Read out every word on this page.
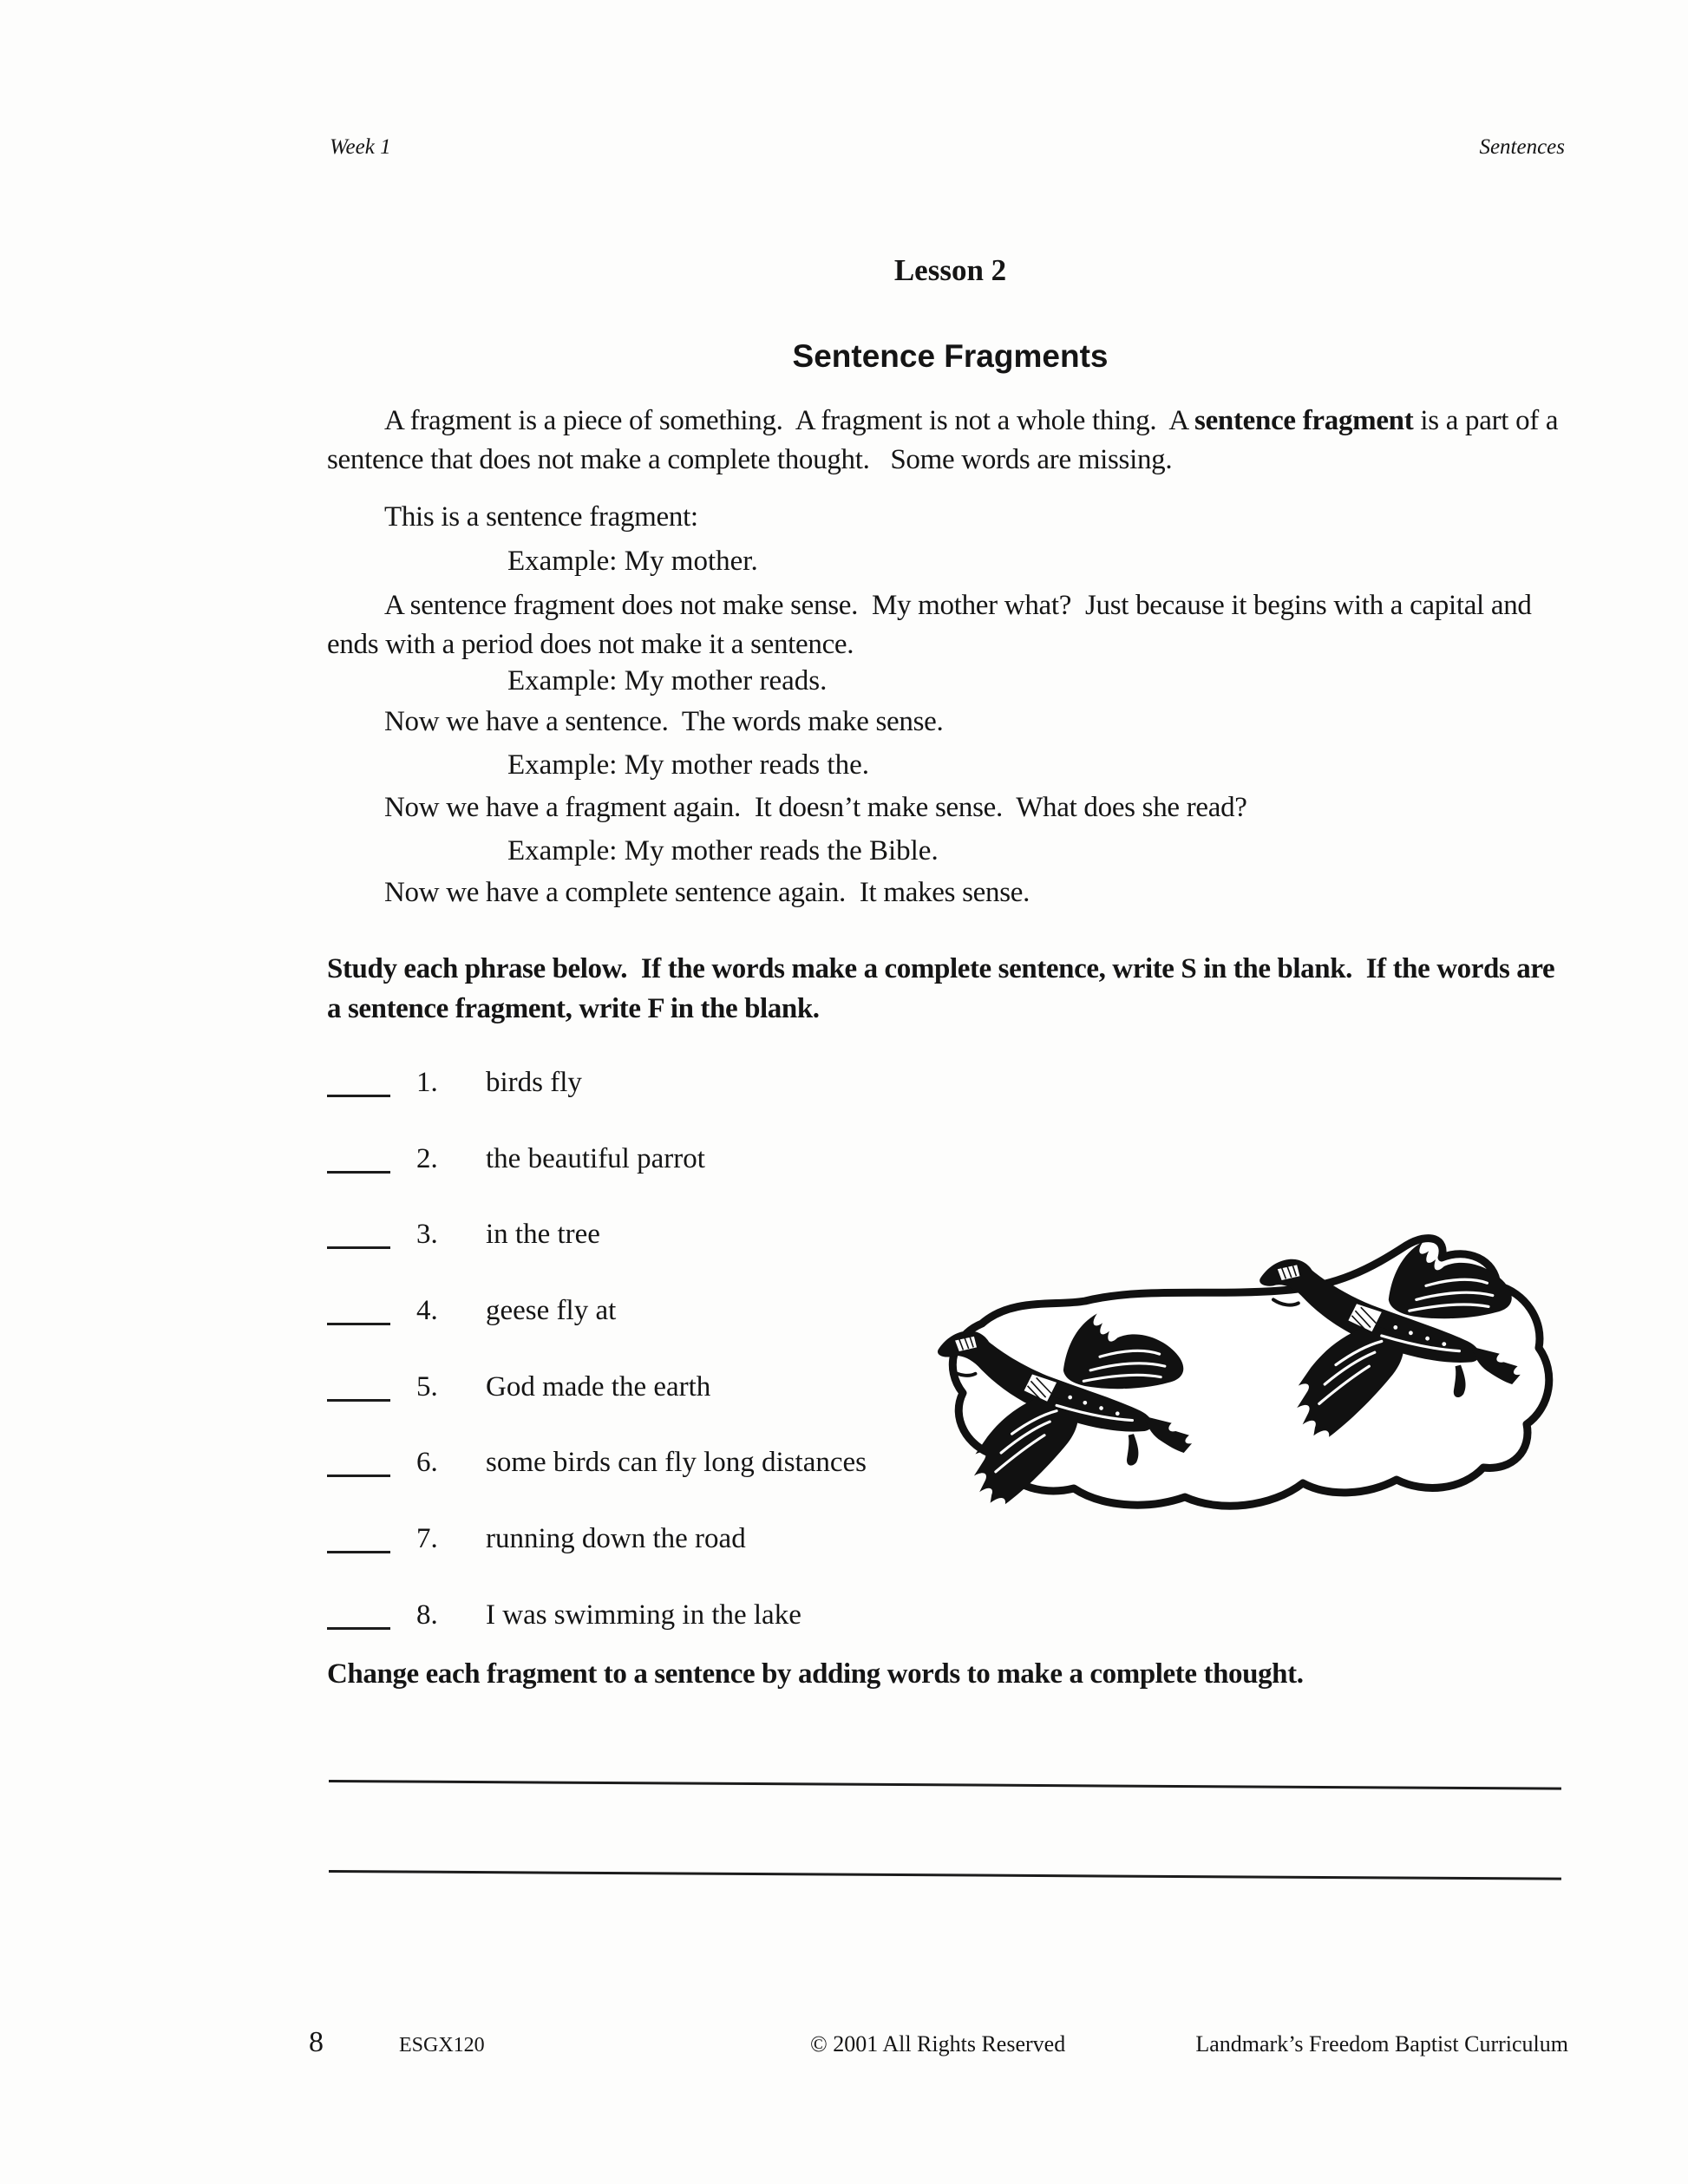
Week 1	Sentences
Lesson 2
Sentence Fragments

A fragment is a piece of something.  A fragment is not a whole thing.  A sentence fragment is a part of a sentence that does not make a complete thought.   Some words are missing.

This is a sentence fragment:

Example: My mother.

A sentence fragment does not make sense.  My mother what?  Just because it begins with a capital and ends with a period does not make it a sentence.

Example: My mother reads.

Now we have a sentence.  The words make sense.

Example: My mother reads the.

Now we have a fragment again.  It doesn’t make sense.  What does she read?

Example: My mother reads the Bible.

Now we have a complete sentence again.  It makes sense.

Study each phrase below.  If the words make a complete sentence, write S in the blank.  If the words are a sentence fragment, write F in the blank.
1. birds fly
2. the beautiful parrot
3. in the tree
4. geese fly at
5. God made the earth
6. some birds can fly long distances
7. running down the road
8. I was swimming in the lake
Change each fragment to a sentence by adding words to make a complete thought.
8	ESGX120	© 2001 All Rights Reserved	Landmark’s Freedom Baptist Curriculum
